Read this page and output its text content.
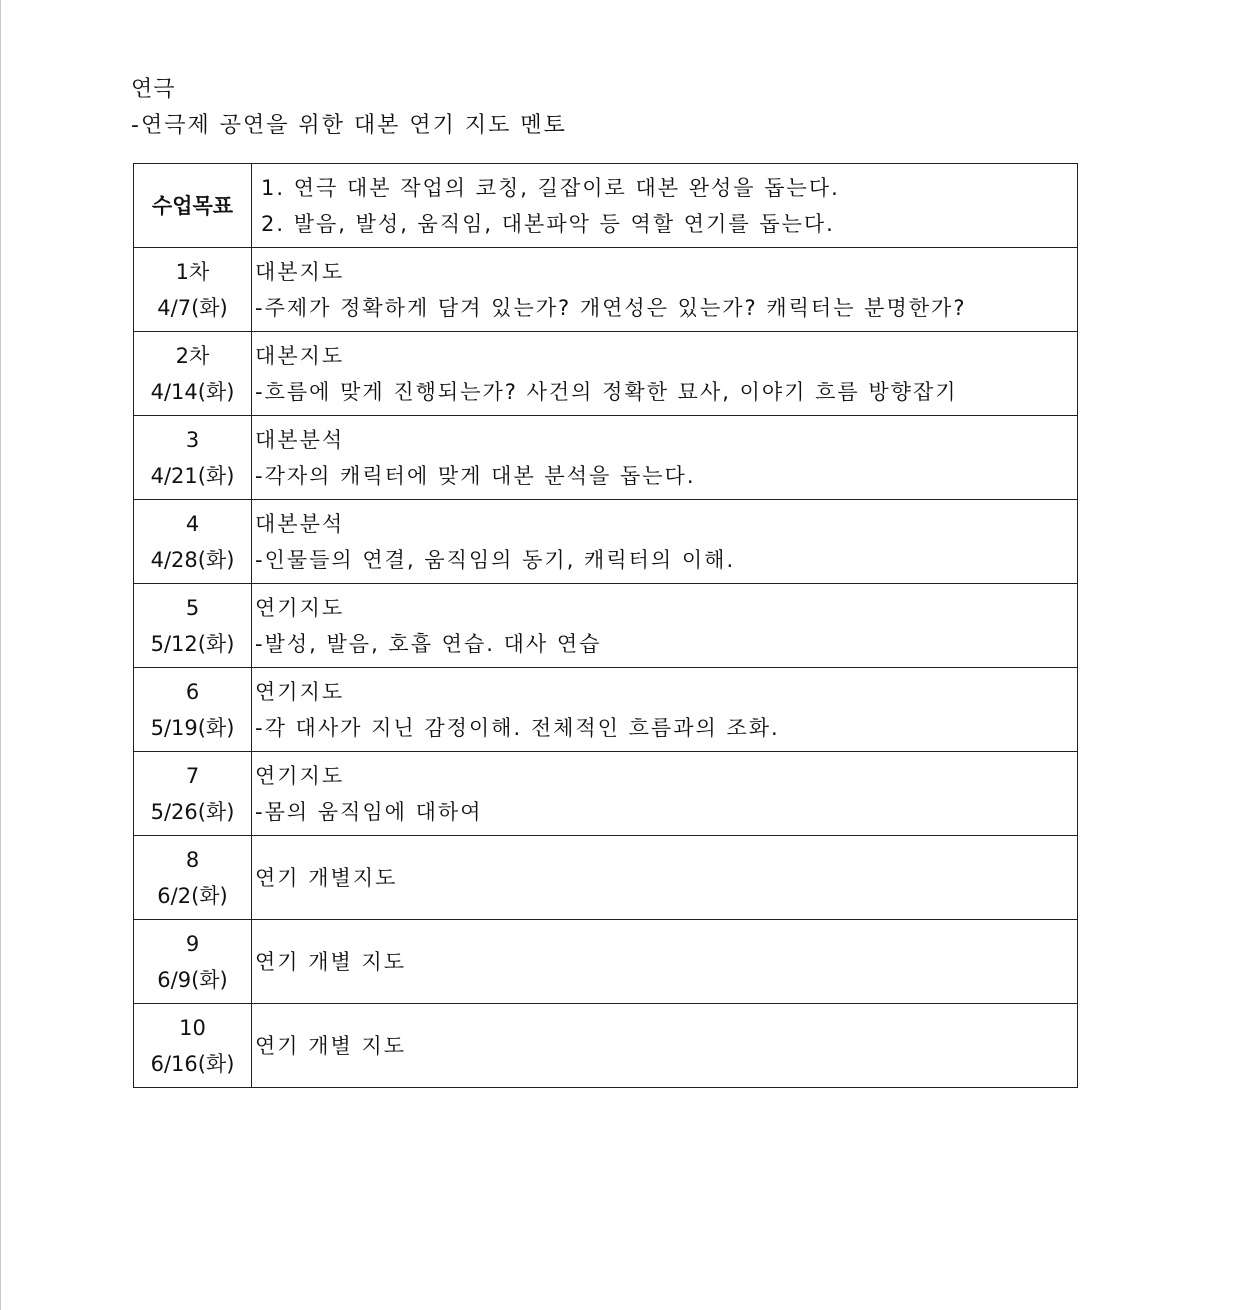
연극
-연극제 공연을 위한 대본 연기 지도 멘토
수업목표	1. 연극 대본 작업의 코칭, 길잡이로 대본 완성을 돕는다.
2. 발음, 발성, 움직임, 대본파악 등 역할 연기를 돕는다.

1차
4/7(화)	대본지도
-주제가 정확하게 담겨 있는가? 개연성은 있는가? 캐릭터는 분명한가?

2차
4/14(화)	대본지도
-흐름에 맞게 진행되는가? 사건의 정확한 묘사, 이야기 흐름 방향잡기

3
4/21(화)	대본분석
-각자의 캐릭터에 맞게 대본 분석을 돕는다.

4
4/28(화)	대본분석
-인물들의 연결, 움직임의 동기, 캐릭터의 이해.

5
5/12(화)	연기지도
-발성, 발음, 호흡 연습. 대사 연습

6
5/19(화)	연기지도
-각 대사가 지닌 감정이해. 전체적인 흐름과의 조화.

7
5/26(화)	연기지도
-몸의 움직임에 대하여

8
6/2(화)	연기 개별지도

9
6/9(화)	연기 개별 지도

10
6/16(화)	연기 개별 지도
